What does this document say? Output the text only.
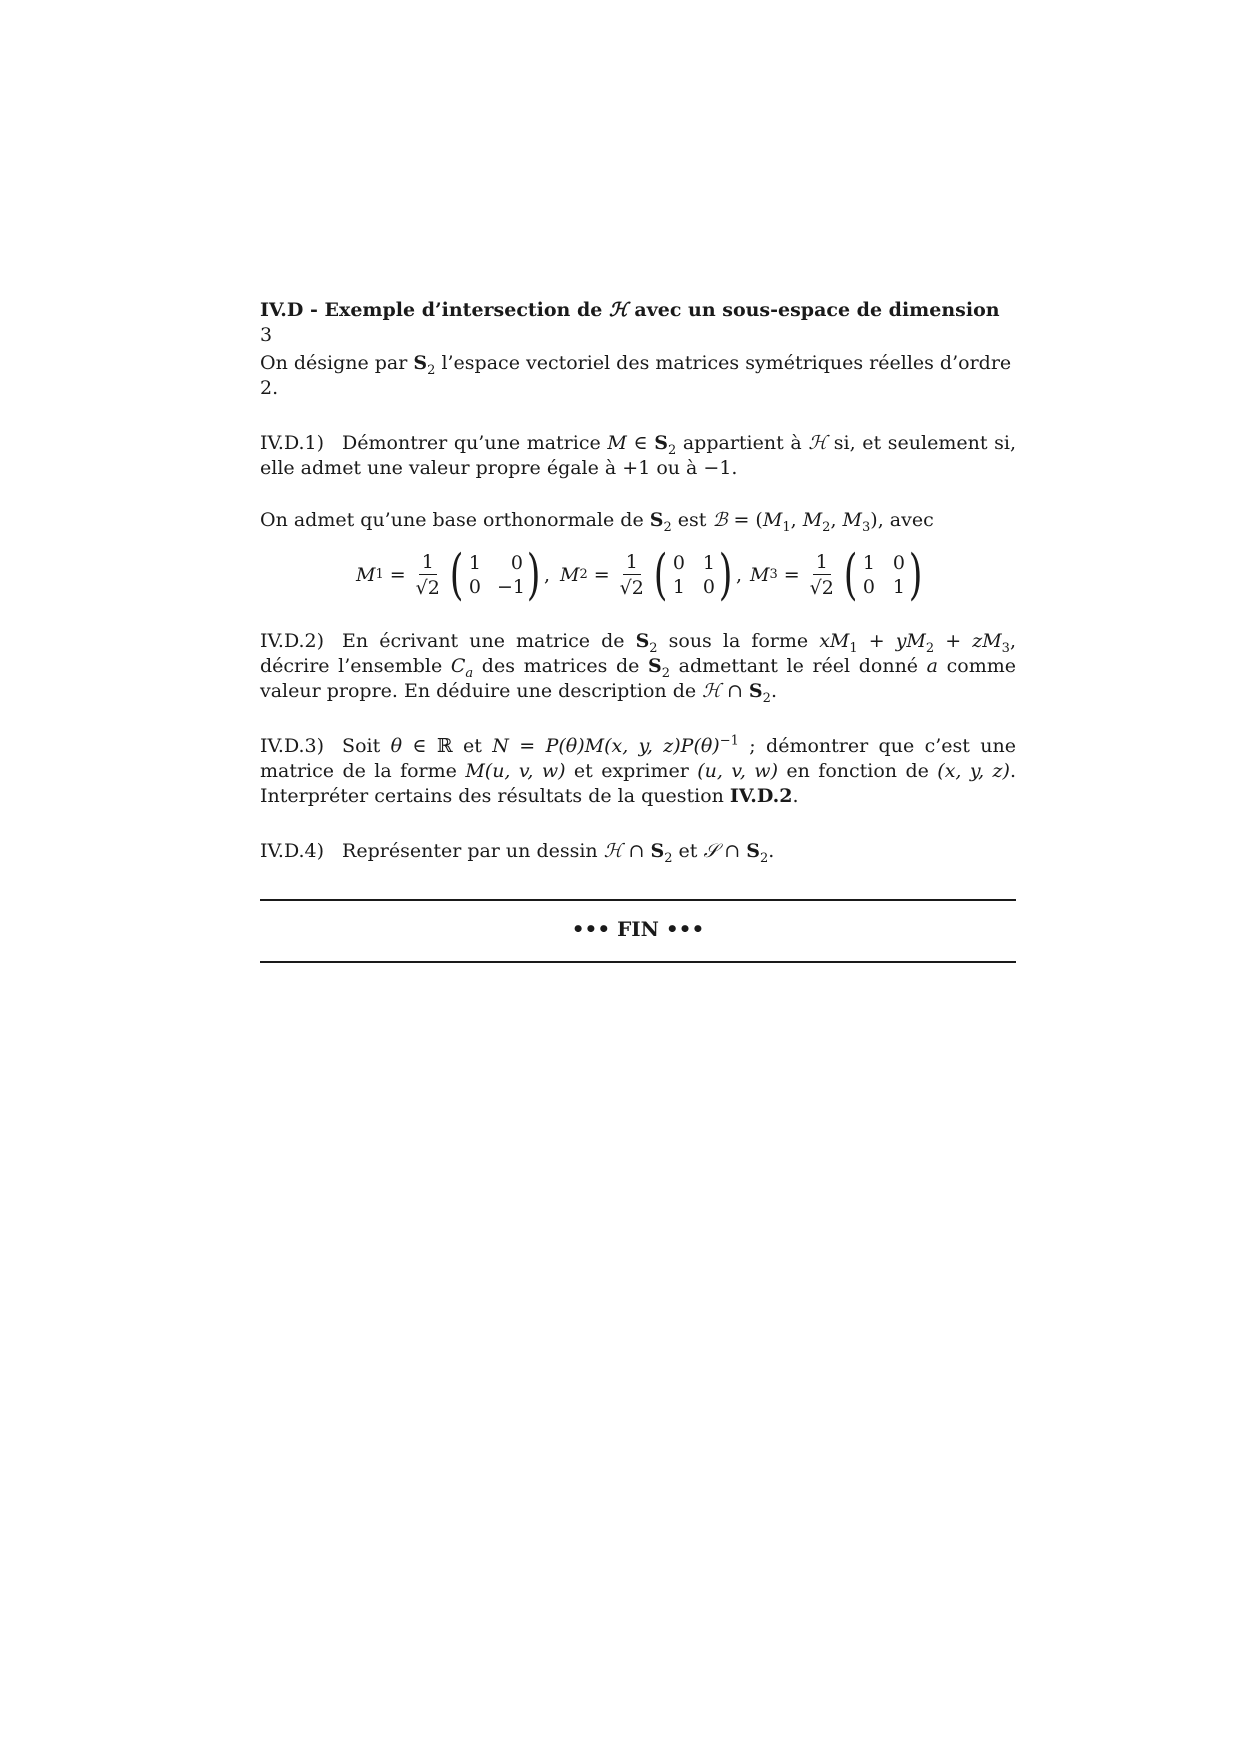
IV.D - Exemple d’intersection de ℋ avec un sous-espace de dimension 3

On désigne par $S_2$ l’espace vectoriel des matrices symétriques réelles d’ordre 2.

IV.D.1) Démontrer qu’une matrice M ∈ $S_2$ appartient à ℋ si, et seulement si, elle admet une valeur propre égale à +1 ou à −1.

On admet qu’une base orthonormale de $S_2$ est ℬ = ($M_1$, $M_2$, $M_3$), avec

M $1 = \frac{1}{√2}$ ( 1	0
0 −1 ) , M $2 = \frac{1}{√2}$ ( 0 1
1 0 ) , M $3 = \frac{1}{√2}$ ( 1 0
0 1 )

IV.D.2) En écrivant une matrice de $S_2$ sous la forme $xM_1 + yM_2 + zM_3$, décrire l’ensemble $C_a$ des matrices de $S_2$ admettant le réel donné a comme valeur propre. En déduire une description de ℋ ∩ $S_2$.

IV.D.3) Soit θ ∈ ℝ et N = P(θ)M(x, y, $z)P(\theta)^{-1}$ ; démontrer que c’est une matrice de la forme M(u, v, w) et exprimer (u, v, w) en fonction de (x, y, z). Interpréter certains des résultats de la question IV.D.2.

IV.D.4) Représenter par un dessin ℋ ∩ $S_2$ et 𝒮 ∩ $S_2$.

••• FIN •••
